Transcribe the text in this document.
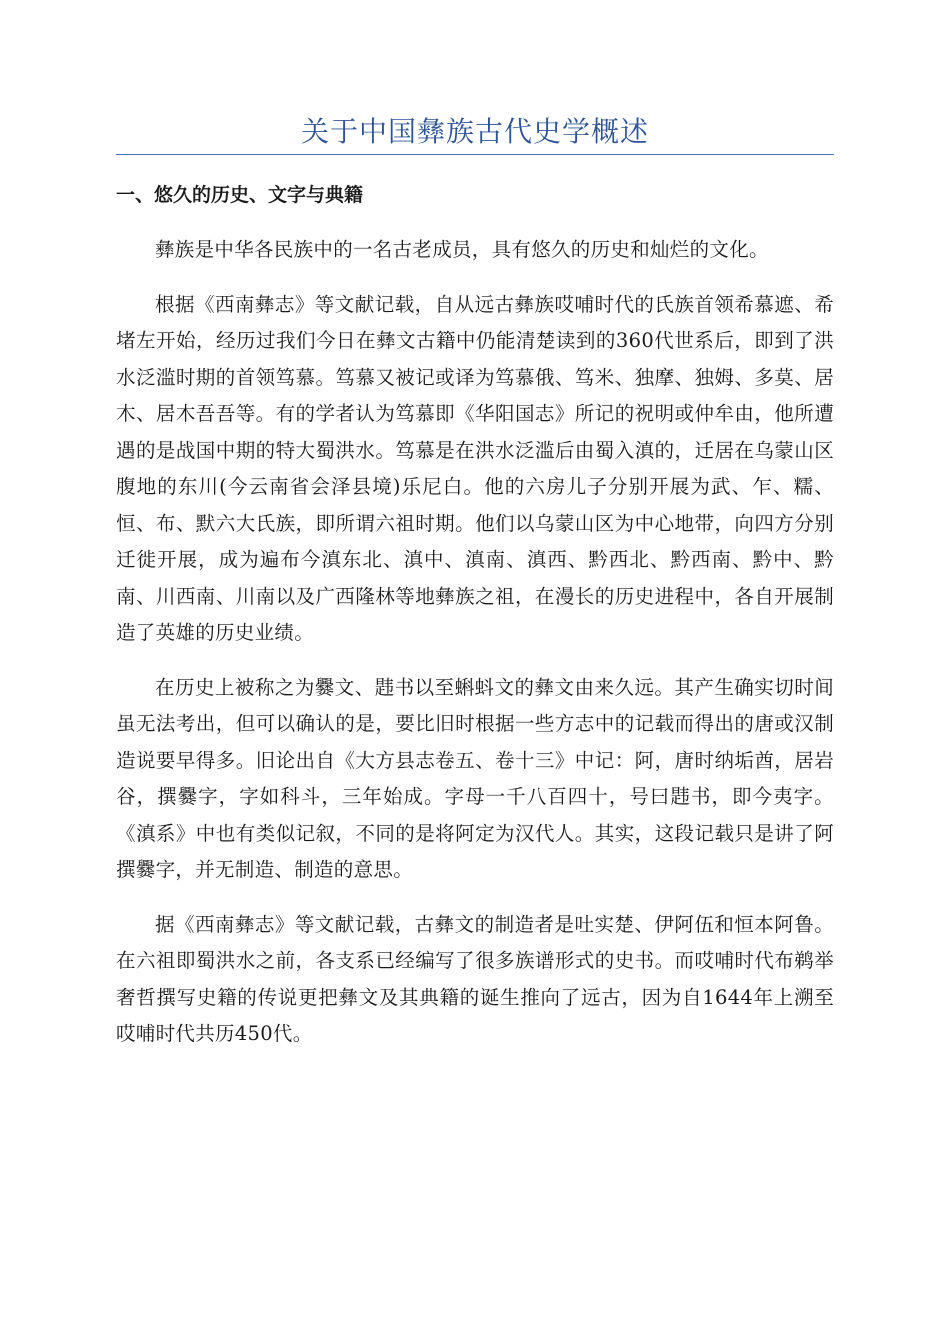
关于中国彝族古代史学概述
一、悠久的历史、文字与典籍

彝族是中华各民族中的一名古老成员，具有悠久的历史和灿烂的文化。

根据《西南彝志》等文献记载，自从远古彝族哎哺时代的氏族首领希慕遮、希堵左开始，经历过我们今日在彝文古籍中仍能清楚读到的360代世系后，即到了洪水泛滥时期的首领笃慕。笃慕又被记或译为笃慕俄、笃米、独摩、独姆、多莫、居木、居木吾吾等。有的学者认为笃慕即《华阳国志》所记的祝明或仲牟由，他所遭遇的是战国中期的特大蜀洪水。笃慕是在洪水泛滥后由蜀入滇的，迁居在乌蒙山区腹地的东川(今云南省会泽县境)乐尼白。他的六房儿子分别开展为武、乍、糯、恒、布、默六大氏族，即所谓六祖时期。他们以乌蒙山区为中心地带，向四方分别迁徙开展，成为遍布今滇东北、滇中、滇南、滇西、黔西北、黔西南、黔中、黔南、川西南、川南以及广西隆林等地彝族之祖，在漫长的历史进程中，各自开展制造了英雄的历史业绩。

在历史上被称之为爨文、韪书以至蝌蚪文的彝文由来久远。其产生确实切时间虽无法考出，但可以确认的是，要比旧时根据一些方志中的记载而得出的唐或汉制造说要早得多。旧论出自《大方县志卷五、卷十三》中记：阿，唐时纳垢酋，居岩谷，撰爨字，字如科斗，三年始成。字母一千八百四十，号曰韪书，即今夷字。《滇系》中也有类似记叙，不同的是将阿定为汉代人。其实，这段记载只是讲了阿撰爨字，并无制造、制造的意思。

据《西南彝志》等文献记载，古彝文的制造者是吐实楚、伊阿伍和恒本阿鲁。在六祖即蜀洪水之前，各支系已经编写了很多族谱形式的史书。而哎哺时代布鹈举奢哲撰写史籍的传说更把彝文及其典籍的诞生推向了远古，因为自1644年上溯至哎哺时代共历450代。
